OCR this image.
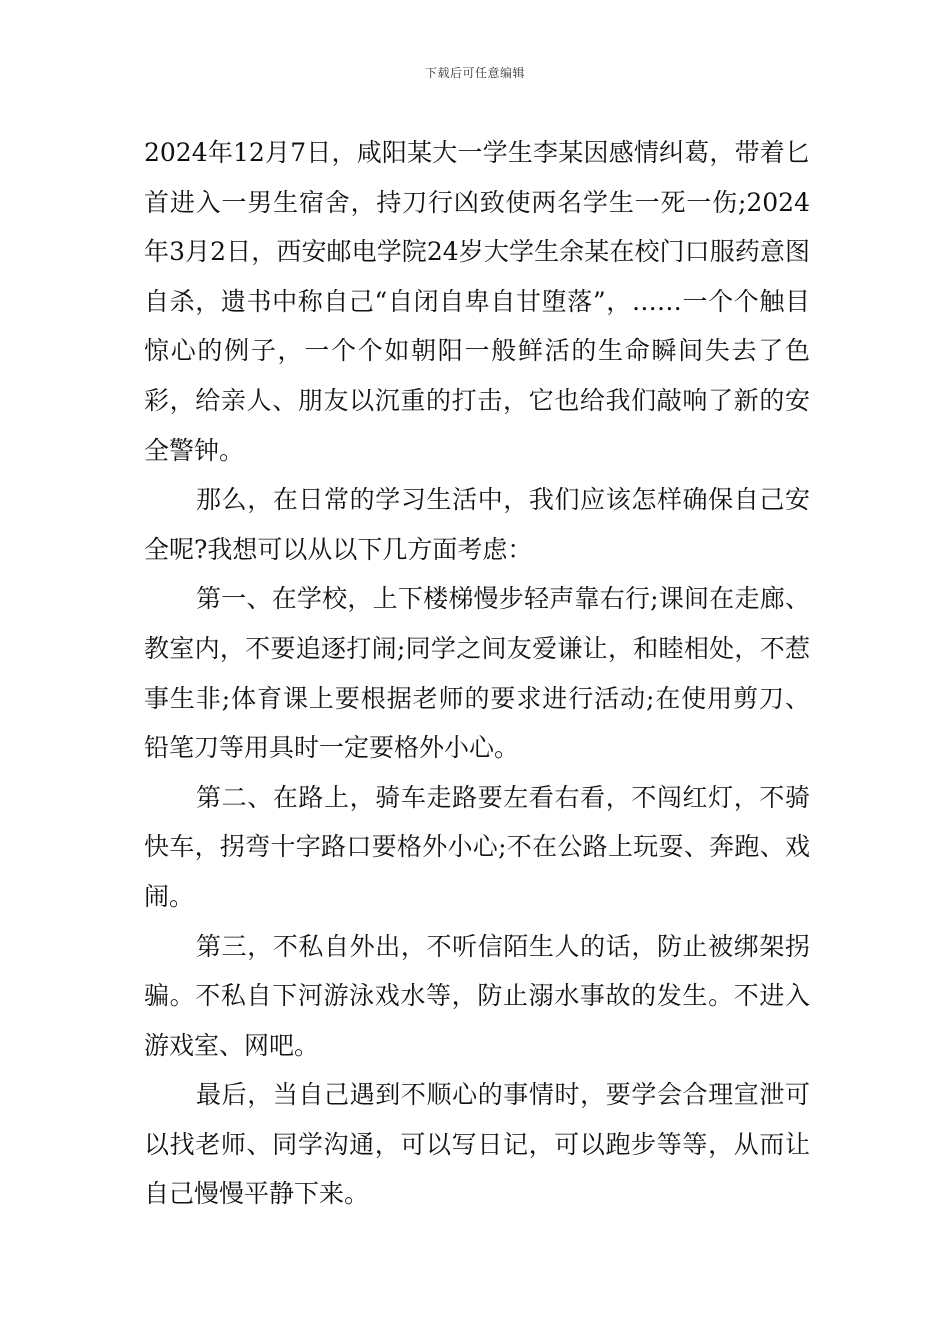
下载后可任意编辑

2024年12月7日，咸阳某大一学生李某因感情纠葛，带着匕首进入一男生宿舍，持刀行凶致使两名学生一死一伤;2024年3月2日，西安邮电学院24岁大学生余某在校门口服药意图自杀，遗书中称自己“自闭自卑自甘堕落”，……一个个触目惊心的例子，一个个如朝阳一般鲜活的生命瞬间失去了色彩，给亲人、朋友以沉重的打击，它也给我们敲响了新的安全警钟。

那么，在日常的学习生活中，我们应该怎样确保自己安全呢?我想可以从以下几方面考虑：

第一、在学校，上下楼梯慢步轻声靠右行;课间在走廊、教室内，不要追逐打闹;同学之间友爱谦让，和睦相处，不惹事生非;体育课上要根据老师的要求进行活动;在使用剪刀、铅笔刀等用具时一定要格外小心。

第二、在路上，骑车走路要左看右看，不闯红灯，不骑快车，拐弯十字路口要格外小心;不在公路上玩耍、奔跑、戏闹。

第三，不私自外出，不听信陌生人的话，防止被绑架拐骗。不私自下河游泳戏水等，防止溺水事故的发生。不进入游戏室、网吧。

最后，当自己遇到不顺心的事情时，要学会合理宣泄可以找老师、同学沟通，可以写日记，可以跑步等等，从而让自己慢慢平静下来。
